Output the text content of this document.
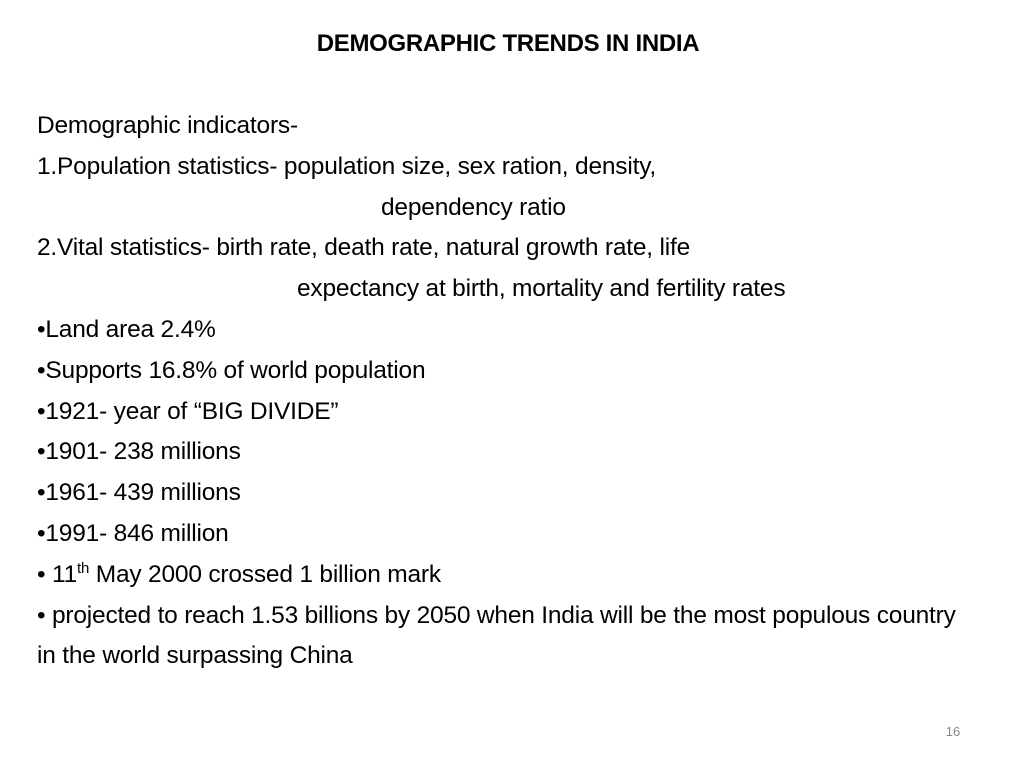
DEMOGRAPHIC TRENDS IN INDIA
Demographic indicators-
1.Population statistics- population size, sex ration, density,
dependency ratio
2.Vital statistics- birth rate, death rate, natural growth rate, life
expectancy at birth, mortality and fertility rates
•Land area 2.4%
•Supports 16.8% of world population
•1921- year of “BIG DIVIDE”
•1901- 238 millions
•1961- 439 millions
•1991- 846 million
• 11th May 2000 crossed 1 billion mark
• projected to reach 1.53 billions by 2050 when India will be the most populous country in the world surpassing China
16
